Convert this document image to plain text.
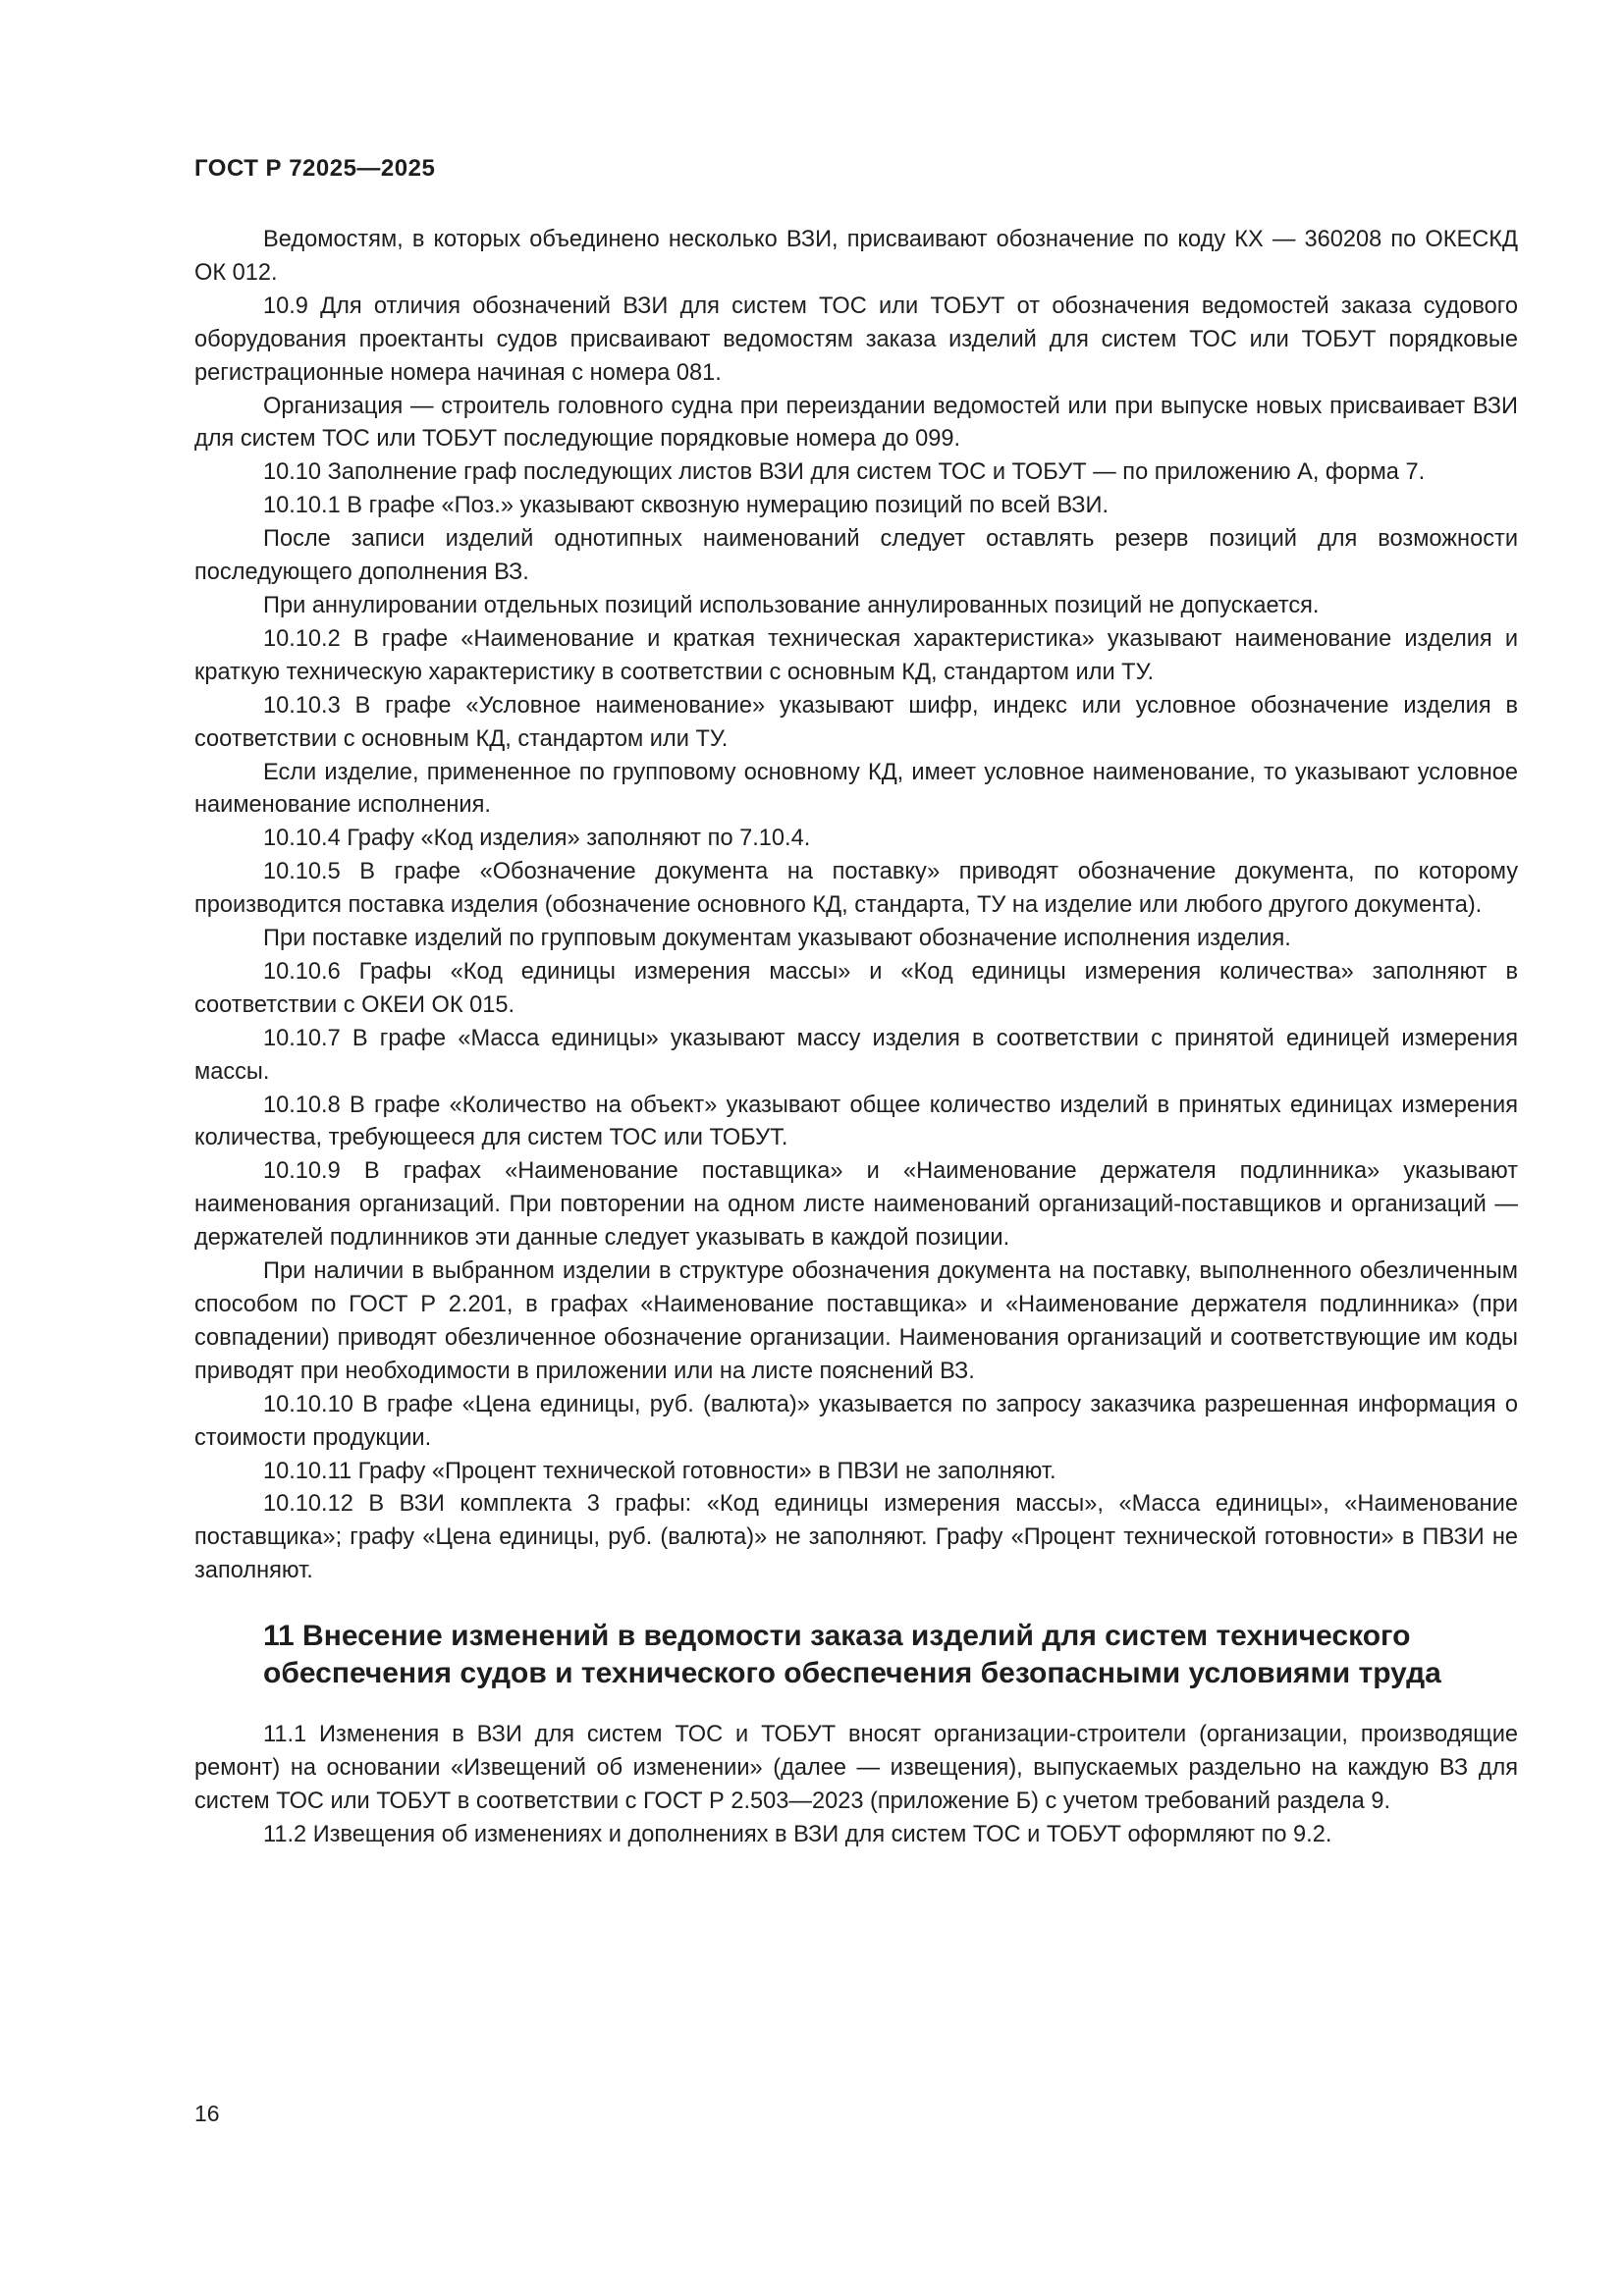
ГОСТ Р 72025—2025

Ведомостям, в которых объединено несколько ВЗИ, присваивают обозначение по коду КХ — 360208 по ОКЕСКД ОК 012.

10.9 Для отличия обозначений ВЗИ для систем ТОС или ТОБУТ от обозначения ведомостей заказа судового оборудования проектанты судов присваивают ведомостям заказа изделий для систем ТОС или ТОБУТ порядковые регистрационные номера начиная с номера 081.

Организация — строитель головного судна при переиздании ведомостей или при выпуске новых присваивает ВЗИ для систем ТОС или ТОБУТ последующие порядковые номера до 099.

10.10 Заполнение граф последующих листов ВЗИ для систем ТОС и ТОБУТ — по приложению А, форма 7.

10.10.1 В графе «Поз.» указывают сквозную нумерацию позиций по всей ВЗИ.

После записи изделий однотипных наименований следует оставлять резерв позиций для возможности последующего дополнения ВЗ.

При аннулировании отдельных позиций использование аннулированных позиций не допускается.

10.10.2 В графе «Наименование и краткая техническая характеристика» указывают наименование изделия и краткую техническую характеристику в соответствии с основным КД, стандартом или ТУ.

10.10.3 В графе «Условное наименование» указывают шифр, индекс или условное обозначение изделия в соответствии с основным КД, стандартом или ТУ.

Если изделие, примененное по групповому основному КД, имеет условное наименование, то указывают условное наименование исполнения.

10.10.4 Графу «Код изделия» заполняют по 7.10.4.

10.10.5 В графе «Обозначение документа на поставку» приводят обозначение документа, по которому производится поставка изделия (обозначение основного КД, стандарта, ТУ на изделие или любого другого документа).

При поставке изделий по групповым документам указывают обозначение исполнения изделия.

10.10.6 Графы «Код единицы измерения массы» и «Код единицы измерения количества» заполняют в соответствии с ОКЕИ ОК 015.

10.10.7 В графе «Масса единицы» указывают массу изделия в соответствии с принятой единицей измерения массы.

10.10.8 В графе «Количество на объект» указывают общее количество изделий в принятых единицах измерения количества, требующееся для систем ТОС или ТОБУТ.

10.10.9 В графах «Наименование поставщика» и «Наименование держателя подлинника» указывают наименования организаций. При повторении на одном листе наименований организаций-поставщиков и организаций — держателей подлинников эти данные следует указывать в каждой позиции.

При наличии в выбранном изделии в структуре обозначения документа на поставку, выполненного обезличенным способом по ГОСТ Р 2.201, в графах «Наименование поставщика» и «Наименование держателя подлинника» (при совпадении) приводят обезличенное обозначение организации. Наименования организаций и соответствующие им коды приводят при необходимости в приложении или на листе пояснений ВЗ.

10.10.10 В графе «Цена единицы, руб. (валюта)» указывается по запросу заказчика разрешенная информация о стоимости продукции.

10.10.11 Графу «Процент технической готовности» в ПВЗИ не заполняют.

10.10.12 В ВЗИ комплекта 3 графы: «Код единицы измерения массы», «Масса единицы», «Наименование поставщика»; графу «Цена единицы, руб. (валюта)» не заполняют. Графу «Процент технической готовности» в ПВЗИ не заполняют.

11 Внесение изменений в ведомости заказа изделий для систем технического обеспечения судов и технического обеспечения безопасными условиями труда

11.1 Изменения в ВЗИ для систем ТОС и ТОБУТ вносят организации-строители (организации, производящие ремонт) на основании «Извещений об изменении» (далее — извещения), выпускаемых раздельно на каждую ВЗ для систем ТОС или ТОБУТ в соответствии с ГОСТ Р 2.503—2023 (приложение Б) с учетом требований раздела 9.

11.2 Извещения об изменениях и дополнениях в ВЗИ для систем ТОС и ТОБУТ оформляют по 9.2.

16
